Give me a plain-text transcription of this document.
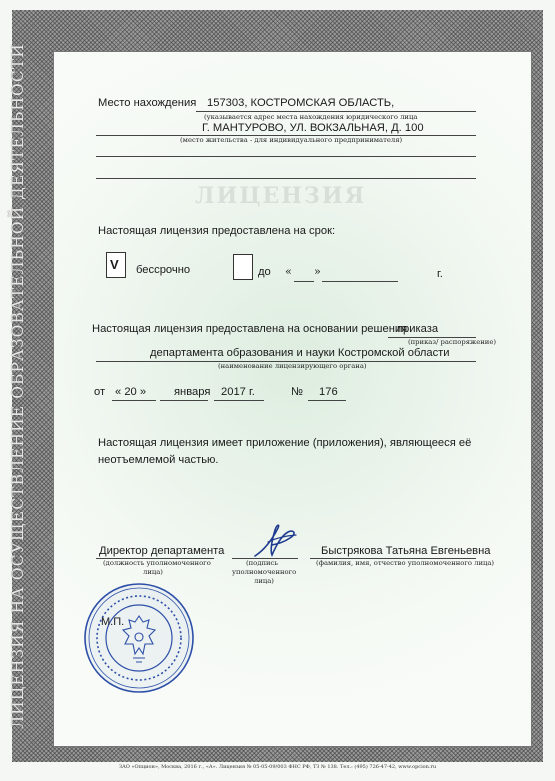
ЛИЦЕНЗИЯ НА ОСУЩЕСТВЛЕНИЕ ОБРАЗОВАТЕЛЬНОЙ ДЕЯТЕЛЬНОСТИ	ЛИЦЕНЗИЯ
Место нахождения 157303, КОСТРОМСКАЯ ОБЛАСТЬ,
(указывается адрес места нахождения юридического лица
Г. МАНТУРОВО, УЛ. ВОКЗАЛЬНАЯ, Д. 100
(место жительства - для индивидуального предпринимателя)
Настоящая лицензия предоставлена на срок:
V бессрочно	до « »	г.
Настоящая лицензия предоставлена на основании решения
приказа
(приказ/ распоряжение)
департамента образования и науки Костромской области
(наименование лицензирующего органа)
от « 20 » января 2017 г.	№ 176
Настоящая лицензия имеет приложение (приложения), являющееся её
неотъемлемой частью.
Директор департамента
(должность уполномоченного
лица)
(подпись
уполномоченного
лица)
Быстрякова Татьяна Евгеньевна
(фамилия, имя, отчество уполномоченного лица)
М.П.
ЗАО «Опцион», Москва, 2016 г., «А». Лицензия № 05-05-09/003 ФНС РФ, ТЗ № 138. Тел.: (495) 726-47-42, www.opcion.ru
